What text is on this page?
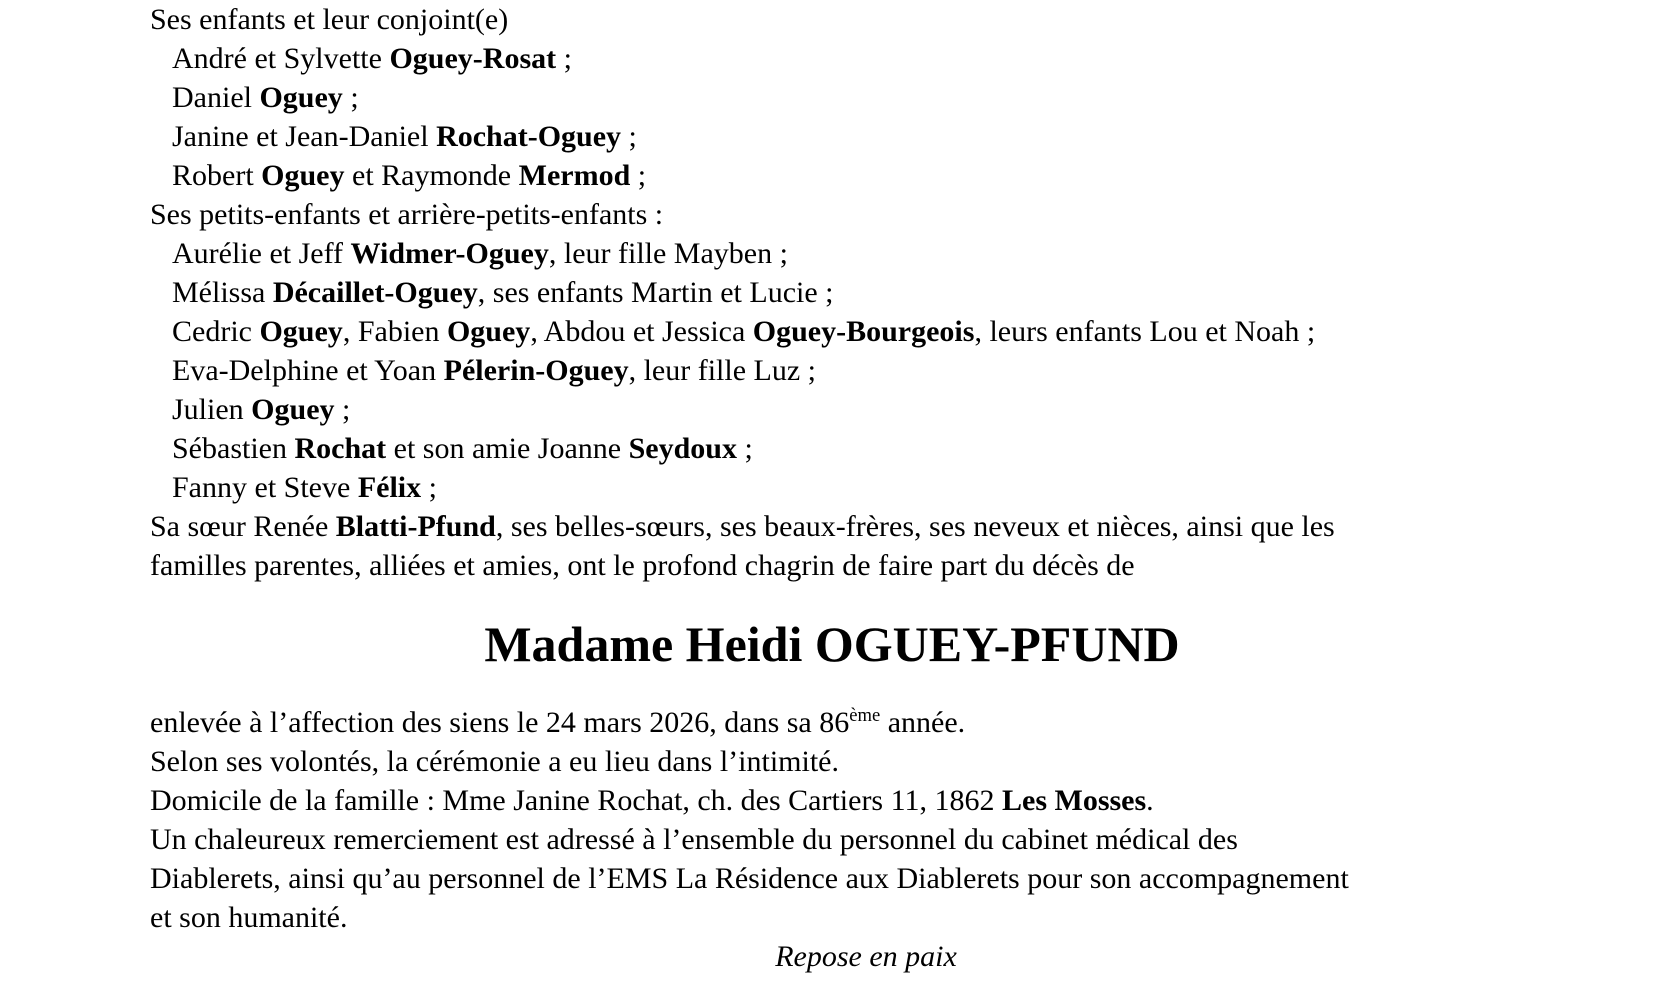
Ses enfants et leur conjoint(e)
André et Sylvette Oguey-Rosat ;
Daniel Oguey ;
Janine et Jean-Daniel Rochat-Oguey ;
Robert Oguey et Raymonde Mermod ;
Ses petits-enfants et arrière-petits-enfants :
Aurélie et Jeff Widmer-Oguey, leur fille Mayben ;
Mélissa Décaillet-Oguey, ses enfants Martin et Lucie ;
Cedric Oguey, Fabien Oguey, Abdou et Jessica Oguey-Bourgeois, leurs enfants Lou et Noah ;
Eva-Delphine et Yoan Pélerin-Oguey, leur fille Luz ;
Julien Oguey ;
Sébastien Rochat et son amie Joanne Seydoux ;
Fanny et Steve Félix ;
Sa sœur Renée Blatti-Pfund, ses belles-sœurs, ses beaux-frères, ses neveux et nièces, ainsi que les
familles parentes, alliées et amies, ont le profond chagrin de faire part du décès de
Madame Heidi OGUEY-PFUND
enlevée à l’affection des siens le 24 mars 2026, dans sa 86ème année.
Selon ses volontés, la cérémonie a eu lieu dans l’intimité.
Domicile de la famille : Mme Janine Rochat, ch. des Cartiers 11, 1862 Les Mosses.
Un chaleureux remerciement est adressé à l’ensemble du personnel du cabinet médical des
Diablerets, ainsi qu’au personnel de l’EMS La Résidence aux Diablerets pour son accompagnement
et son humanité.

Repose en paix
